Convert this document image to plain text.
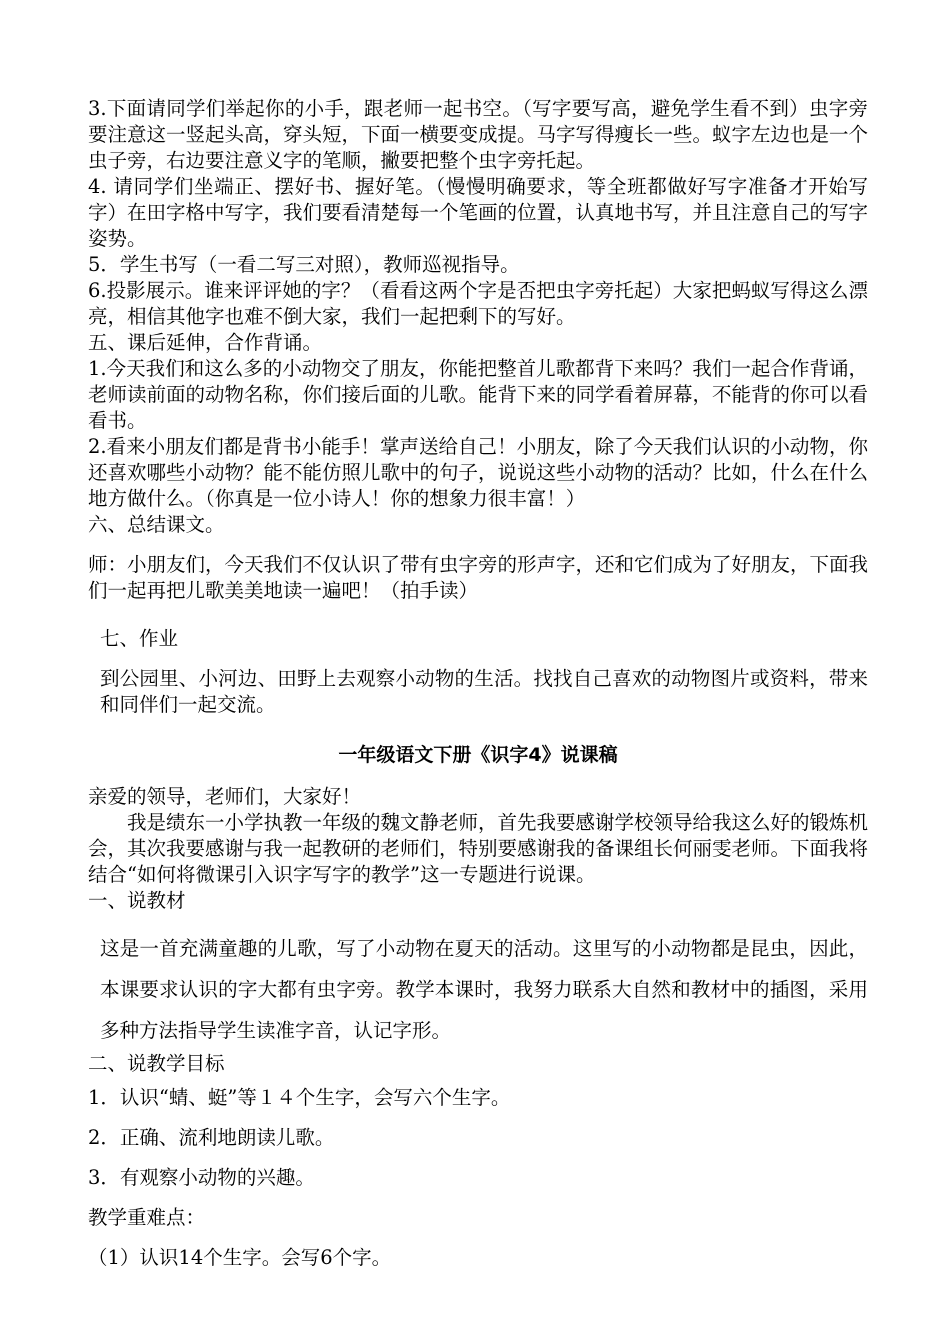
3.下面请同学们举起你的小手，跟老师一起书空。（写字要写高，避免学生看不到）虫字旁要注意这一竖起头高，穿头短，下面一横要变成提。马字写得瘦长一些。蚁字左边也是一个虫子旁，右边要注意义字的笔顺，撇要把整个虫字旁托起。

4. 请同学们坐端正、摆好书、握好笔。（慢慢明确要求，等全班都做好写字准备才开始写字）在田字格中写字，我们要看清楚每一个笔画的位置，认真地书写，并且注意自己的写字姿势。

5．学生书写（一看二写三对照），教师巡视指导。

6.投影展示。谁来评评她的字？（看看这两个字是否把虫字旁托起）大家把蚂蚁写得这么漂亮，相信其他字也难不倒大家，我们一起把剩下的写好。

五、课后延伸，合作背诵。

1.今天我们和这么多的小动物交了朋友，你能把整首儿歌都背下来吗？我们一起合作背诵，老师读前面的动物名称，你们接后面的儿歌。能背下来的同学看着屏幕，不能背的你可以看看书。

2.看来小朋友们都是背书小能手！掌声送给自己！小朋友，除了今天我们认识的小动物，你还喜欢哪些小动物？能不能仿照儿歌中的句子，说说这些小动物的活动？比如，什么在什么地方做什么。（你真是一位小诗人！你的想象力很丰富！）

六、总结课文。

师：小朋友们，今天我们不仅认识了带有虫字旁的形声字，还和它们成为了好朋友，下面我们一起再把儿歌美美地读一遍吧！（拍手读）

七、作业

到公园里、小河边、田野上去观察小动物的生活。找找自己喜欢的动物图片或资料，带来和同伴们一起交流。

一年级语文下册《识字4》说课稿

亲爱的领导，老师们，大家好！

我是绩东一小学执教一年级的魏文静老师，首先我要感谢学校领导给我这么好的锻炼机会，其次我要感谢与我一起教研的老师们，特别要感谢我的备课组长何丽雯老师。下面我将结合“如何将微课引入识字写字的教学”这一专题进行说课。

一、说教材

这是一首充满童趣的儿歌，写了小动物在夏天的活动。这里写的小动物都是昆虫，因此，本课要求认识的字大都有虫字旁。教学本课时，我努力联系大自然和教材中的插图，采用多种方法指导学生读准字音，认记字形。

二、说教学目标

1．认识“蜻、蜓”等１４个生字，会写六个生字。

2．正确、流利地朗读儿歌。

3．有观察小动物的兴趣。

教学重难点：

（1）认识14个生字。会写6个字。
